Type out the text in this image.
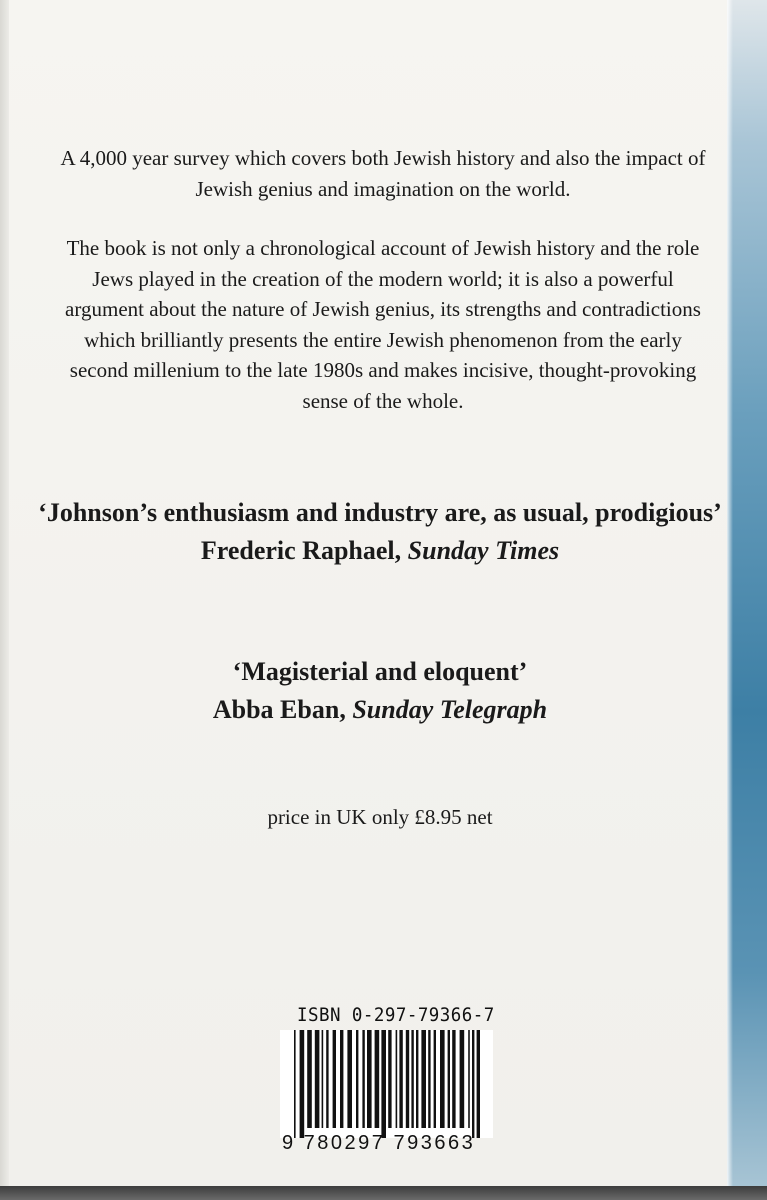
A 4,000 year survey which covers both Jewish history and also the impact of Jewish genius and imagination on the world.

The book is not only a chronological account of Jewish history and the role Jews played in the creation of the modern world; it is also a powerful argument about the nature of Jewish genius, its strengths and contradictions which brilliantly presents the entire Jewish phenomenon from the early second millenium to the late 1980s and makes incisive, thought-provoking sense of the whole.

‘Johnson’s enthusiasm and industry are, as usual, prodigious’
Frederic Raphael, Sunday Times
‘Magisterial and eloquent’
Abba Eban, Sunday Telegraph

price in UK only £8.95 net

ISBN 0-297-79366-7
9 780297 793663
